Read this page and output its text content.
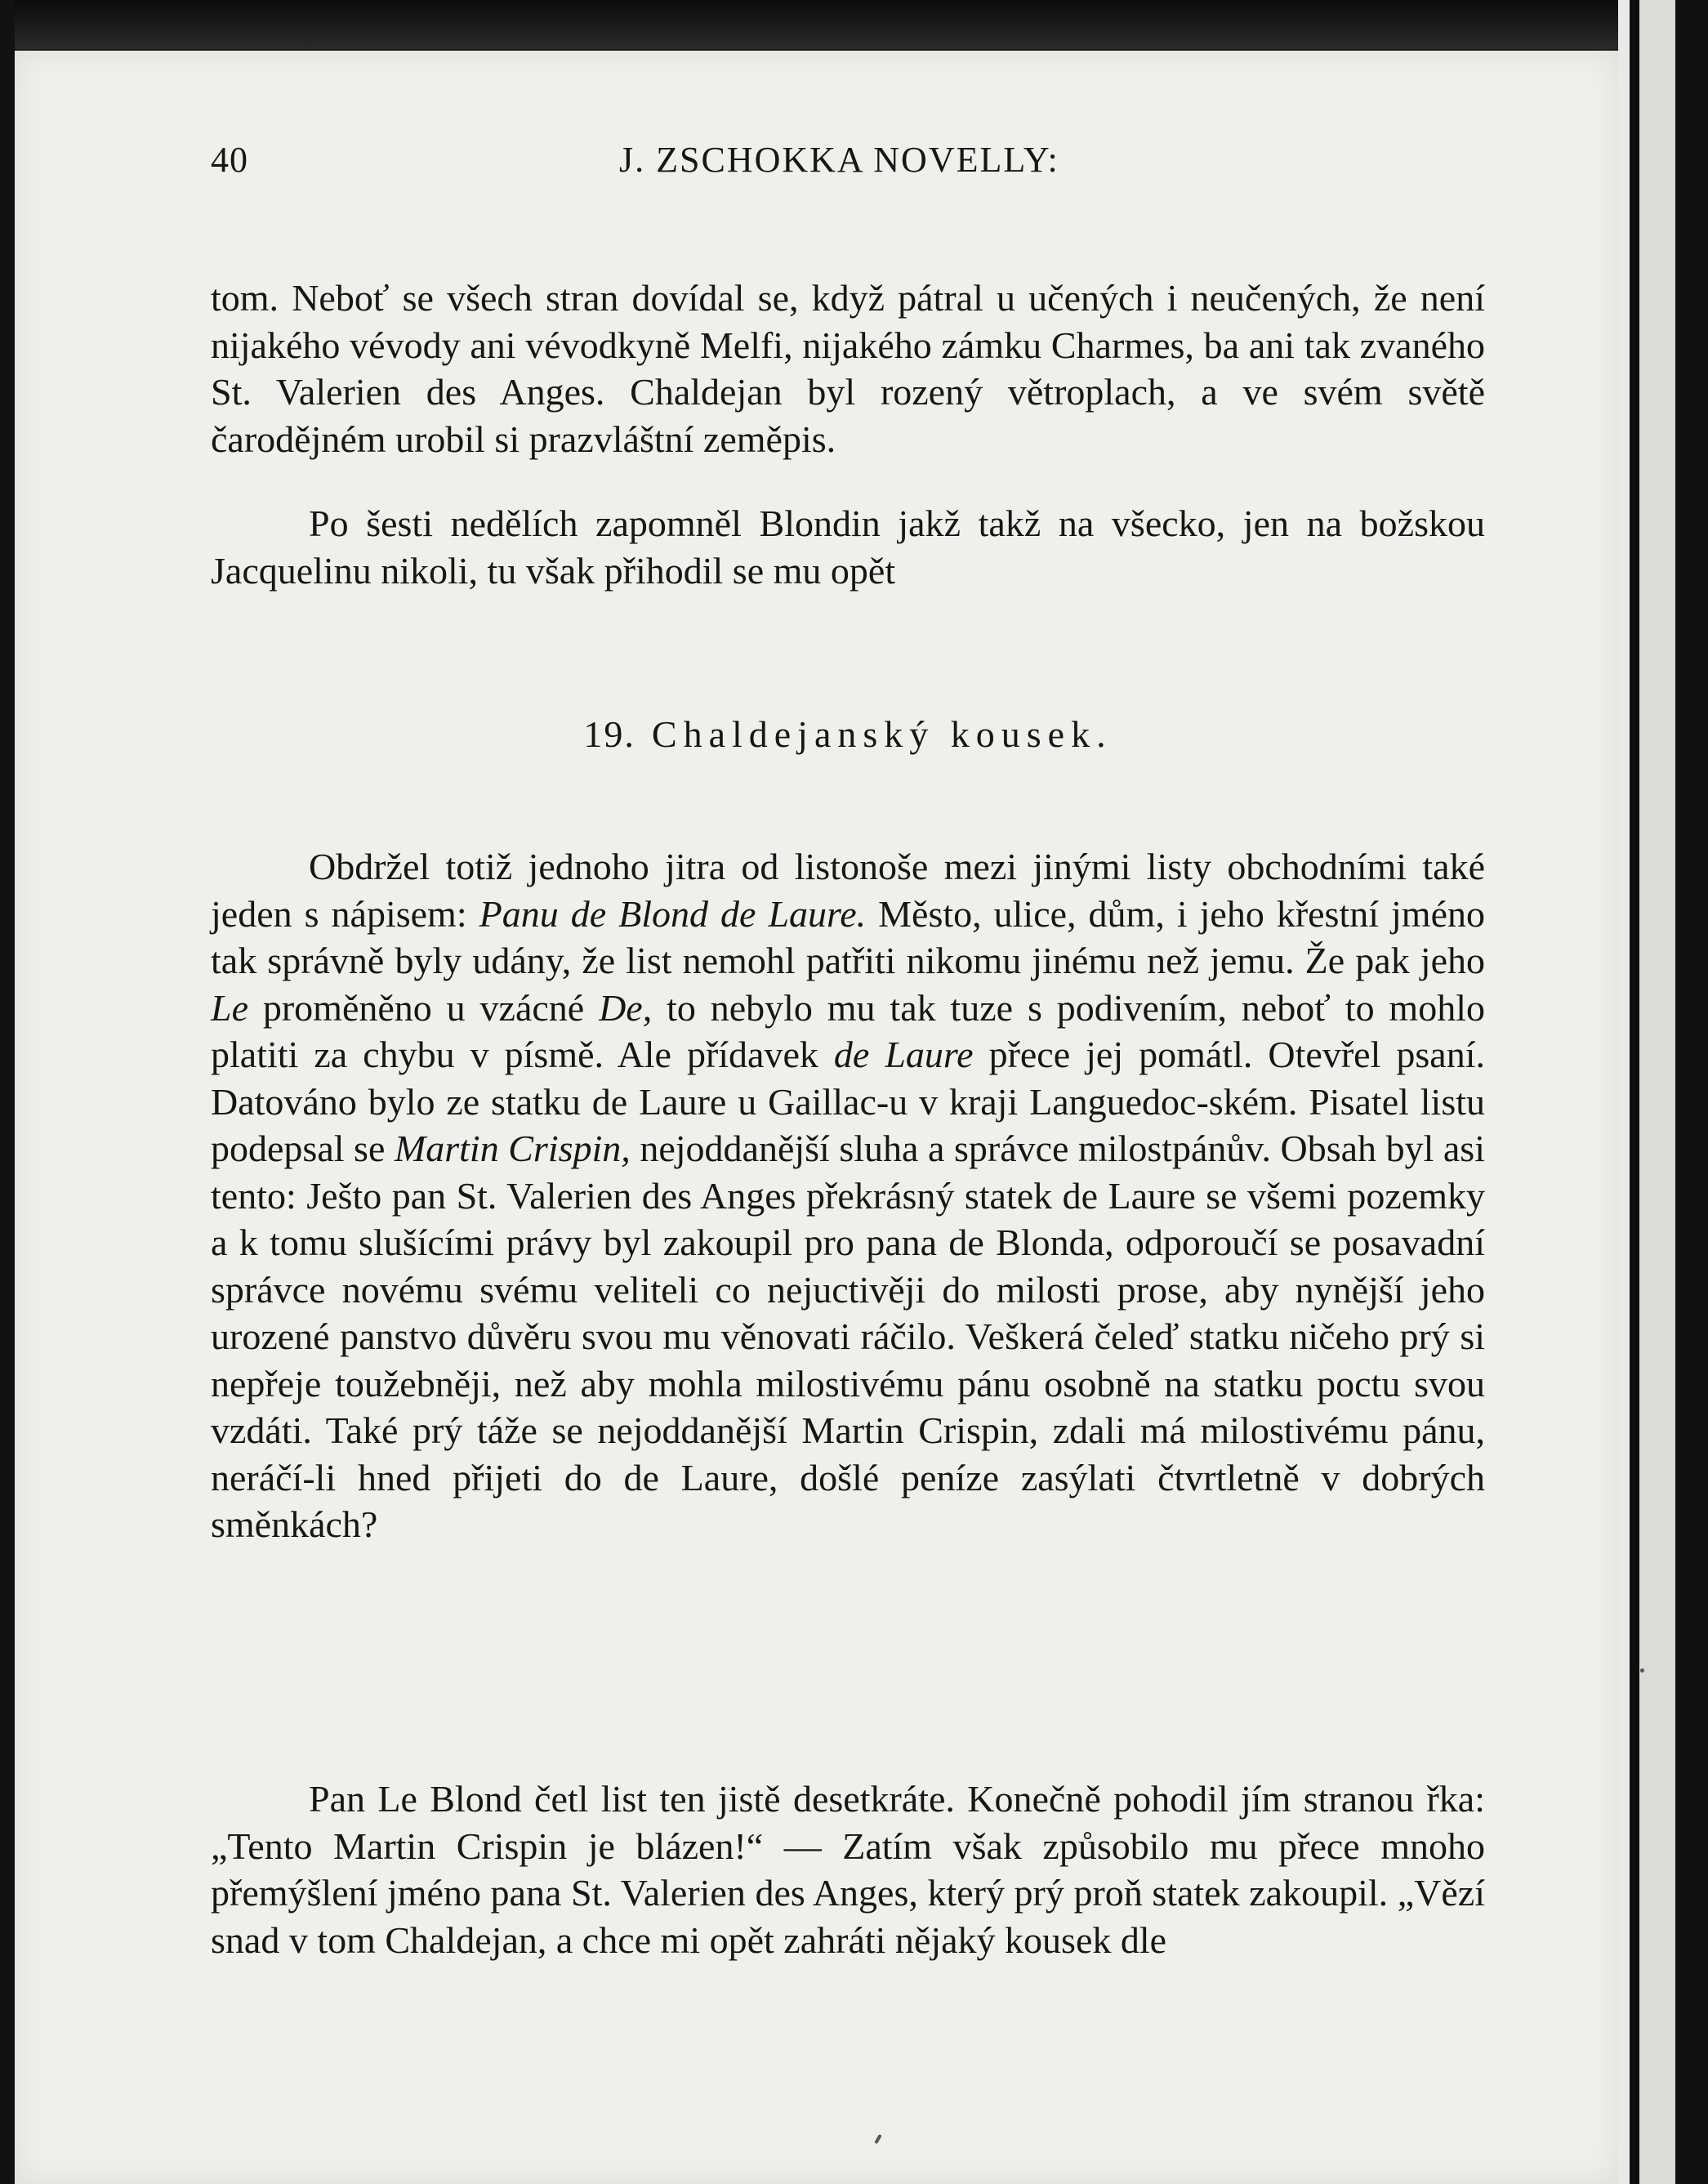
40	J. ZSCHOKKA NOVELLY:

tom. Neboť se všech stran dovídal se, když pátral u učených i neučených, že není nijakého vévody ani vévodkyně Melfi, nijakého zámku Charmes, ba ani tak zvaného St. Valerien des Anges. Chaldejan byl rozený větroplach, a ve svém světě čarodějném urobil si prazvláštní zeměpis.

Po šesti nedělích zapomněl Blondin jakž takž na všecko, jen na božskou Jacquelinu nikoli, tu však přihodil se mu opět

19. Chaldejanský kousek.

Obdržel totiž jednoho jitra od listonoše mezi jinými listy obchodními také jeden s nápisem: Panu de Blond de Laure. Město, ulice, dům, i jeho křestní jméno tak správně byly udány, že list nemohl patřiti nikomu jinému než jemu. Že pak jeho Le proměněno u vzácné De, to nebylo mu tak tuze s podivením, neboť to mohlo platiti za chybu v písmě. Ale přídavek de Laure přece jej pomátl. Otevřel psaní. Datováno bylo ze statku de Laure u Gaillac-u v kraji Languedoc-ském. Pisatel listu podepsal se Martin Crispin, nejoddanější sluha a správce milostpánův. Obsah byl asi tento: Ješto pan St. Valerien des Anges překrásný statek de Laure se všemi pozemky a k tomu slušícími právy byl zakoupil pro pana de Blonda, odporoučí se posavadní správce novému svému veliteli co nejuctivěji do milosti prose, aby nynější jeho urozené panstvo důvěru svou mu věnovati ráčilo. Veškerá čeleď statku ničeho prý si nepřeje toužebněji, než aby mohla milostivému pánu osobně na statku poctu svou vzdáti. Také prý táže se nejoddanější Martin Crispin, zdali má milostivému pánu, neráčí-li hned přijeti do de Laure, došlé peníze zasýlati čtvrtletně v dobrých směnkách?

Pan Le Blond četl list ten jistě desetkráte. Konečně pohodil jím stranou řka: „Tento Martin Crispin je blázen!“ — Zatím však způsobilo mu přece mnoho přemýšlení jméno pana St. Valerien des Anges, který prý proň statek zakoupil. „Vězí snad v tom Chaldejan, a chce mi opět zahráti nějaký kousek dle
